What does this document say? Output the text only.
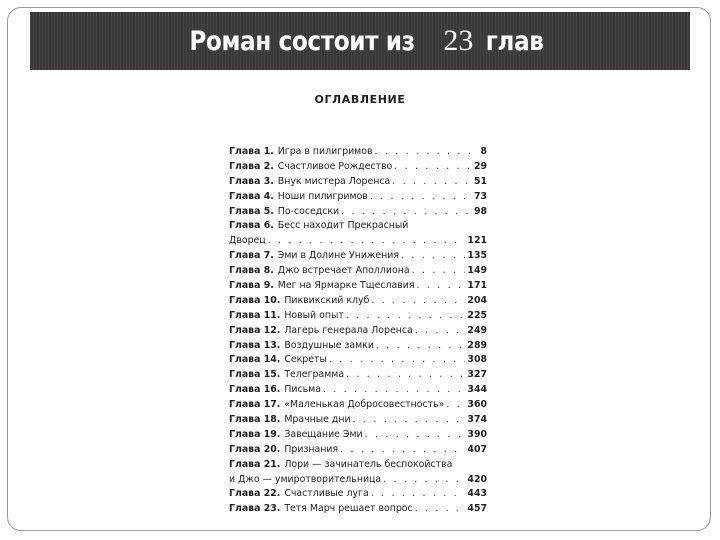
Роман состоит из 23 глав
ОГЛАВЛЕНИЕ
Глава 1. Игра в пилигримов . . .	8
Глава 2. Счастливое Рождество . . .	29
Глава 3. Внук мистера Лоренса . . .	51
Глава 4. Ноши пилигримов . . .	73
Глава 5. По-соседски . . .	98
Глава 6. Бесс находит Прекрасный
Дворец . . .	121
Глава 7. Эми в Долине Унижения . . .	135
Глава 8. Джо встречает Аполлиона . . .	149
Глава 9. Мег на Ярмарке Тщеславия . . .	171
Глава 10. Пиквикский клуб . . .	204
Глава 11. Новый опыт . . .	225
Глава 12. Лагерь генерала Лоренса . . .	249
Глава 13. Воздушные замки . . .	289
Глава 14. Секреты . . .	308
Глава 15. Телеграмма . . .	327
Глава 16. Письма . . .	344
Глава 17. «Маленькая Добросовестность» . . . 360
Глава 18. Мрачные дни . . .	374
Глава 19. Завещание Эми . . .	390
Глава 20. Признания . . .	407
Глава 21. Лори — зачинатель беспокойства
и Джо — умиротворительница . . .	420
Глава 22. Счастливые луга . . .	443
Глава 23. Тетя Марч решает вопрос . . .	457
